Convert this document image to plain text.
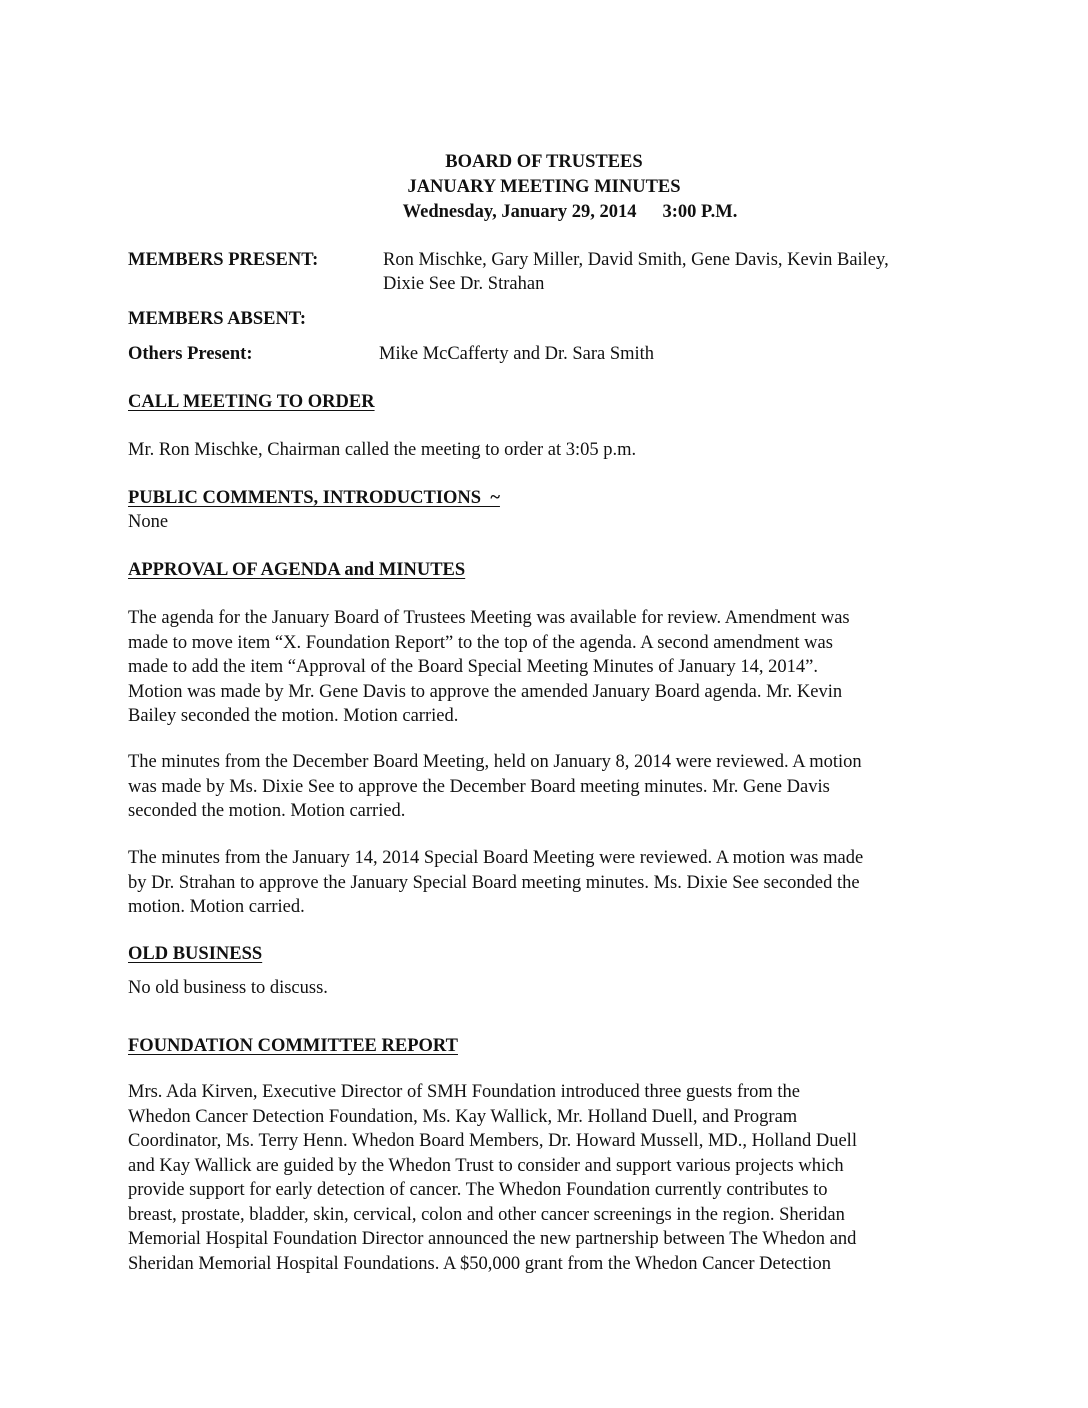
BOARD OF TRUSTEES
JANUARY MEETING MINUTES
Wednesday, January 29, 2014 3:00 P.M.
MEMBERS PRESENT:	Ron Mischke, Gary Miller, David Smith, Gene Davis, Kevin Bailey,
Dixie See Dr. Strahan
MEMBERS ABSENT:
Others Present:	Mike McCafferty and Dr. Sara Smith
CALL MEETING TO ORDER
Mr. Ron Mischke, Chairman called the meeting to order at 3:05 p.m.
PUBLIC COMMENTS, INTRODUCTIONS  ~
None
APPROVAL OF AGENDA and MINUTES
The agenda for the January Board of Trustees Meeting was available for review. Amendment was
made to move item “X. Foundation Report” to the top of the agenda. A second amendment was
made to add the item “Approval of the Board Special Meeting Minutes of January 14, 2014”.
Motion was made by Mr. Gene Davis to approve the amended January Board agenda. Mr. Kevin
Bailey seconded the motion. Motion carried.
The minutes from the December Board Meeting, held on January 8, 2014 were reviewed. A motion
was made by Ms. Dixie See to approve the December Board meeting minutes. Mr. Gene Davis
seconded the motion. Motion carried.
The minutes from the January 14, 2014 Special Board Meeting were reviewed. A motion was made
by Dr. Strahan to approve the January Special Board meeting minutes. Ms. Dixie See seconded the
motion. Motion carried.
OLD BUSINESS
No old business to discuss.
FOUNDATION COMMITTEE REPORT
Mrs. Ada Kirven, Executive Director of SMH Foundation introduced three guests from the
Whedon Cancer Detection Foundation, Ms. Kay Wallick, Mr. Holland Duell, and Program
Coordinator, Ms. Terry Henn. Whedon Board Members, Dr. Howard Mussell, MD., Holland Duell
and Kay Wallick are guided by the Whedon Trust to consider and support various projects which
provide support for early detection of cancer. The Whedon Foundation currently contributes to
breast, prostate, bladder, skin, cervical, colon and other cancer screenings in the region. Sheridan
Memorial Hospital Foundation Director announced the new partnership between The Whedon and
Sheridan Memorial Hospital Foundations. A $50,000 grant from the Whedon Cancer Detection
